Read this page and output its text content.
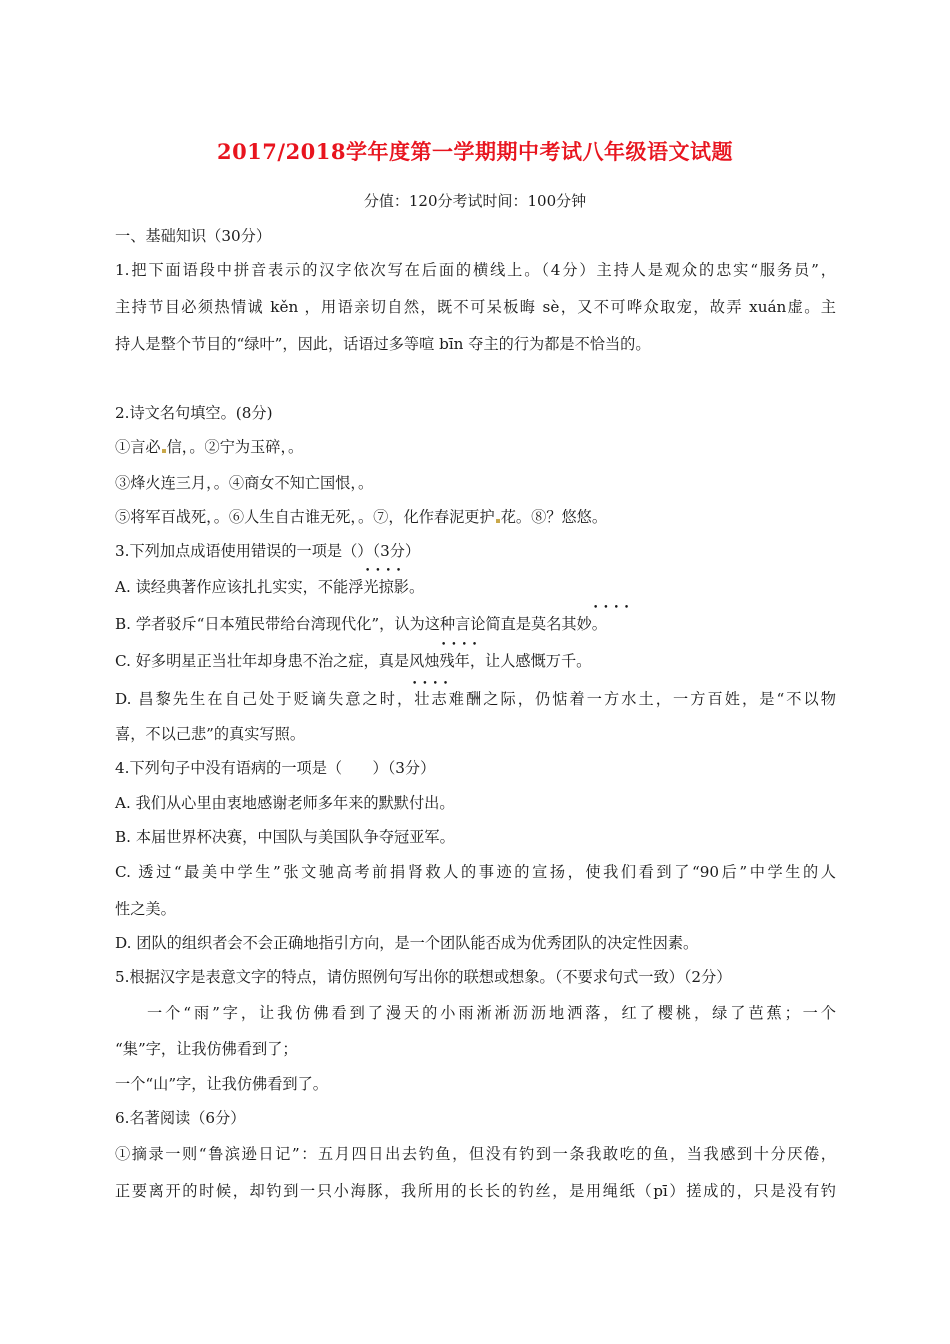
2017/2018学年度第一学期期中考试八年级语文试题
分值：120分考试时间：100分钟
一、基础知识（30分）
1.把下面语段中拼音表示的汉字依次写在后面的横线上。（4分）主持人是观众的忠实“服务员”，
主持节目必须热情诚 kěn ，用语亲切自然，既不可呆板晦 sè，又不可哗众取宠，故弄 xuán虚。主
持人是整个节目的“绿叶”，因此，话语过多等喧 bīn 夺主的行为都是不恰当的。
2.诗文名句填空。(8分)
①言必 信，。②宁为玉碎，。
③烽火连三月，。④商女不知亡国恨，。
⑤将军百战死，。⑥人生自古谁无死，。⑦，化作春泥更护 花。⑧？悠悠。
3.下列加点成语使用错误的一项是（）（3分）
••••
A. 读经典著作应该扎扎实实，不能浮光掠影。
••••
B. 学者驳斥“日本殖民带给台湾现代化”，认为这种言论简直是莫名其妙。
••••
C. 好多明星正当壮年却身患不治之症，真是风烛残年，让人感慨万千。
••••
D. 昌黎先生在自己处于贬谪失意之时，壮志难酬之际，仍惦着一方水土，一方百姓，是“不以物
喜，不以己悲”的真实写照。
4.下列句子中没有语病的一项是（　　）（3分）
A. 我们从心里由衷地感谢老师多年来的默默付出。
B. 本届世界杯决赛，中国队与美国队争夺冠亚军。
C. 透过“最美中学生”张文驰高考前捐肾救人的事迹的宣扬，使我们看到了“90后”中学生的人
性之美。
D. 团队的组织者会不会正确地指引方向，是一个团队能否成为优秀团队的决定性因素。
5.根据汉字是表意文字的特点，请仿照例句写出你的联想或想象。（不要求句式一致）（2分）
一个“雨”字，让我仿佛看到了漫天的小雨淅淅沥沥地洒落，红了樱桃，绿了芭蕉；一个
“集”字，让我仿佛看到了；
一个“山”字，让我仿佛看到了。
6.名著阅读（6分）
①摘录一则“鲁滨逊日记”：五月四日出去钓鱼，但没有钓到一条我敢吃的鱼，当我感到十分厌倦，
正要离开的时候，却钓到一只小海豚，我所用的长长的钓丝，是用绳纸（pī）搓成的，只是没有钓
